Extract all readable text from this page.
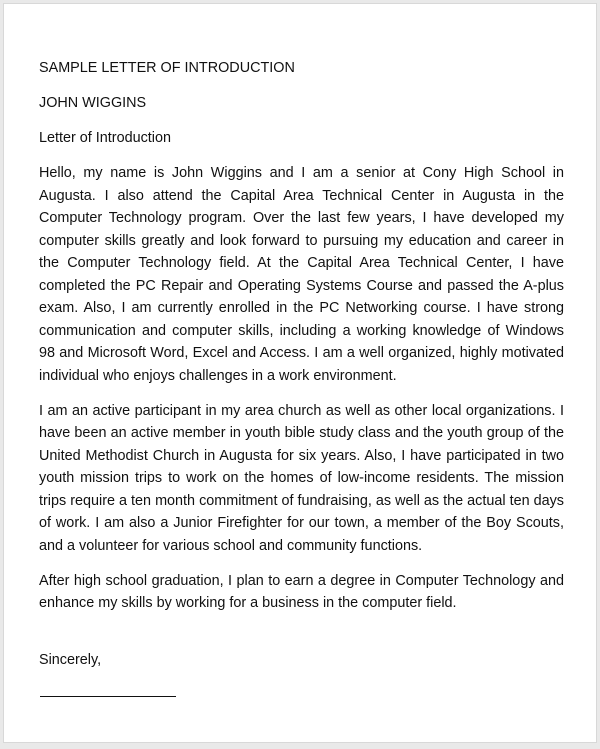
SAMPLE LETTER OF INTRODUCTION

JOHN WIGGINS

Letter of Introduction

Hello, my name is John Wiggins and I am a senior at Cony High School in Augusta. I also attend the Capital Area Technical Center in Augusta in the Computer Technology program. Over the last few years, I have developed my computer skills greatly and look forward to pursuing my education and career in the Computer Technology field. At the Capital Area Technical Center, I have completed the PC Repair and Operating Systems Course and passed the A-plus exam. Also, I am currently enrolled in the PC Networking course. I have strong communication and computer skills, including a working knowledge of Windows 98 and Microsoft Word, Excel and Access. I am a well organized, highly motivated individual who enjoys challenges in a work environment.

I am an active participant in my area church as well as other local organizations. I have been an active member in youth bible study class and the youth group of the United Methodist Church in Augusta for six years. Also, I have participated in two youth mission trips to work on the homes of low-income residents. The mission trips require a ten month commitment of fundraising, as well as the actual ten days of work. I am also a Junior Firefighter for our town, a member of the Boy Scouts, and a volunteer for various school and community functions.

After high school graduation, I plan to earn a degree in Computer Technology and enhance my skills by working for a business in the computer field.

Sincerely,
